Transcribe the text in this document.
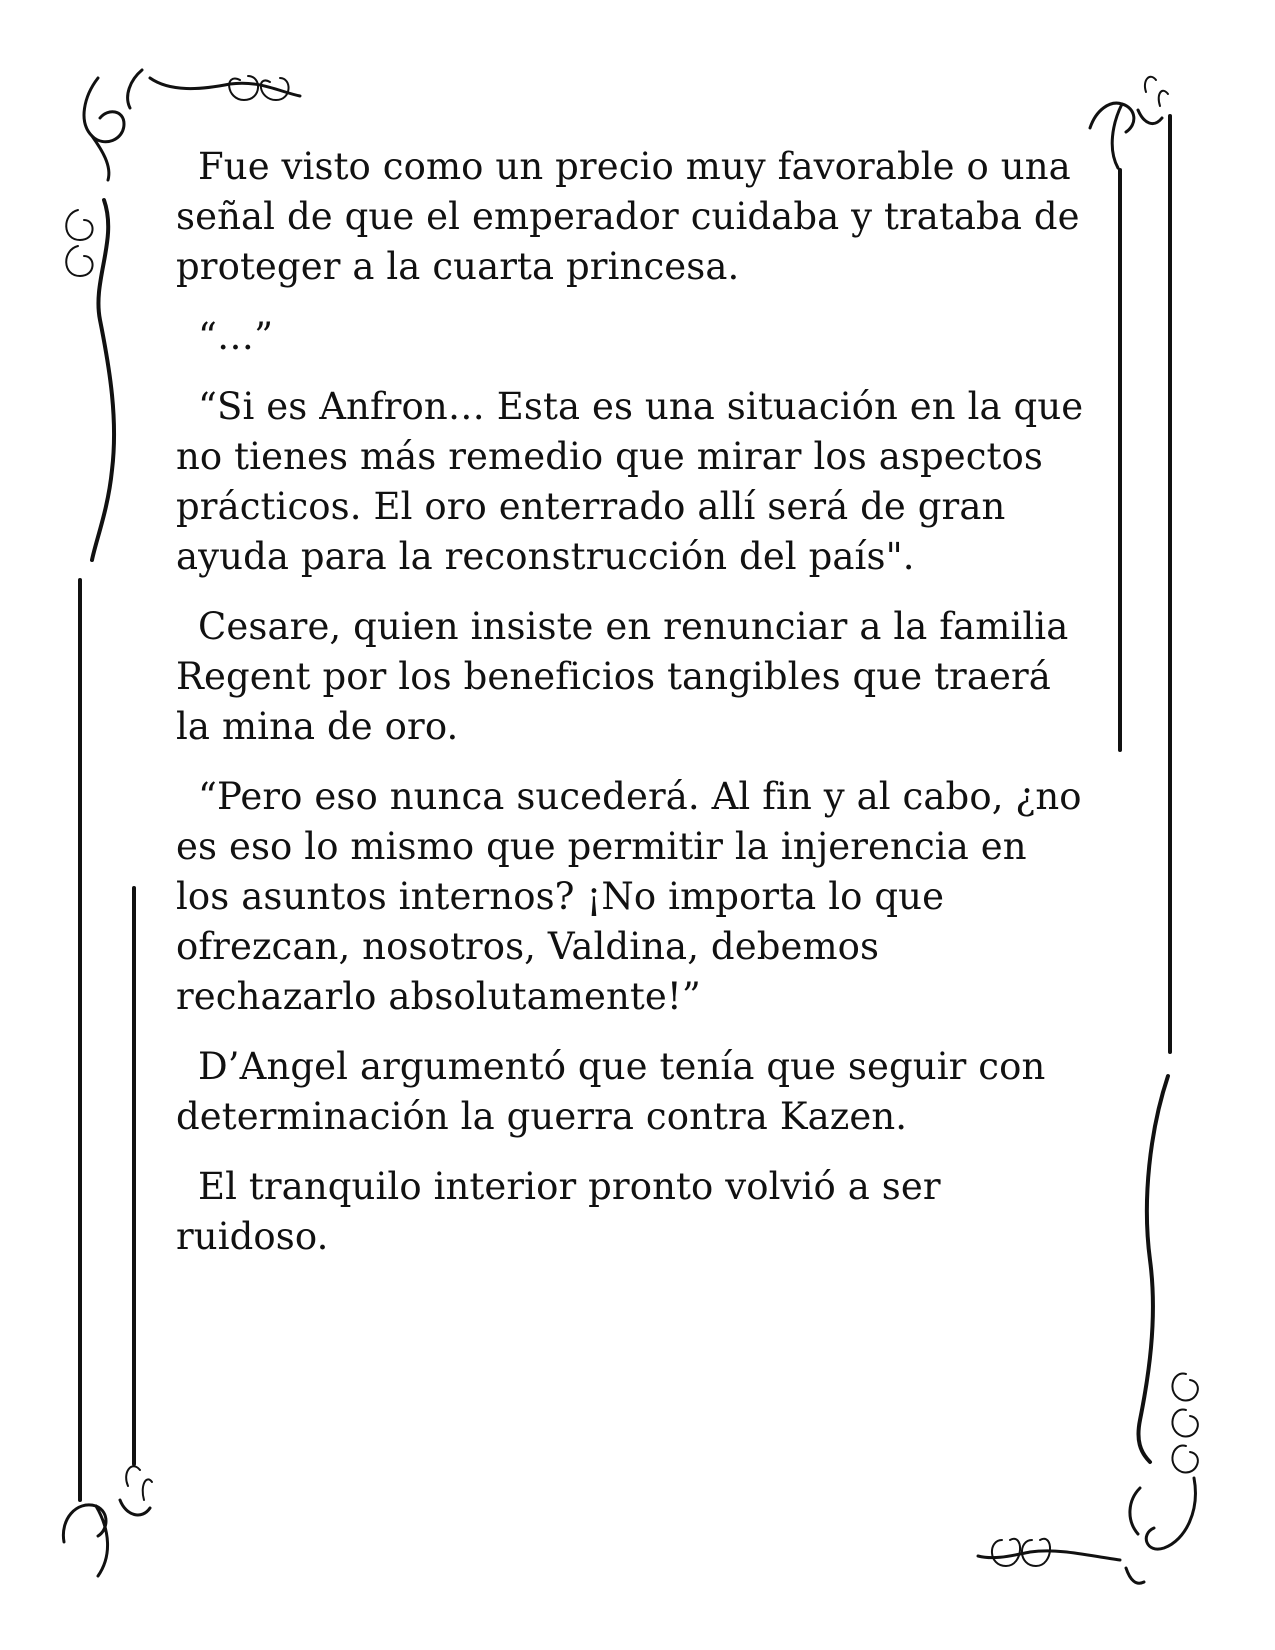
Fue visto como un precio muy favorable o una señal de que el emperador cuidaba y trataba de proteger a la cuarta princesa.

“…”

“Si es Anfron… Esta es una situación en la que no tienes más remedio que mirar los aspectos prácticos. El oro enterrado allí será de gran ayuda para la reconstrucción del país".

Cesare, quien insiste en renunciar a la familia Regent por los beneficios tangibles que traerá la mina de oro.

“Pero eso nunca sucederá. Al fin y al cabo, ¿no es eso lo mismo que permitir la injerencia en los asuntos internos? ¡No importa lo que ofrezcan, nosotros, Valdina, debemos rechazarlo absolutamente!”

D’Angel argumentó que tenía que seguir con determinación la guerra contra Kazen.

El tranquilo interior pronto volvió a ser ruidoso.
